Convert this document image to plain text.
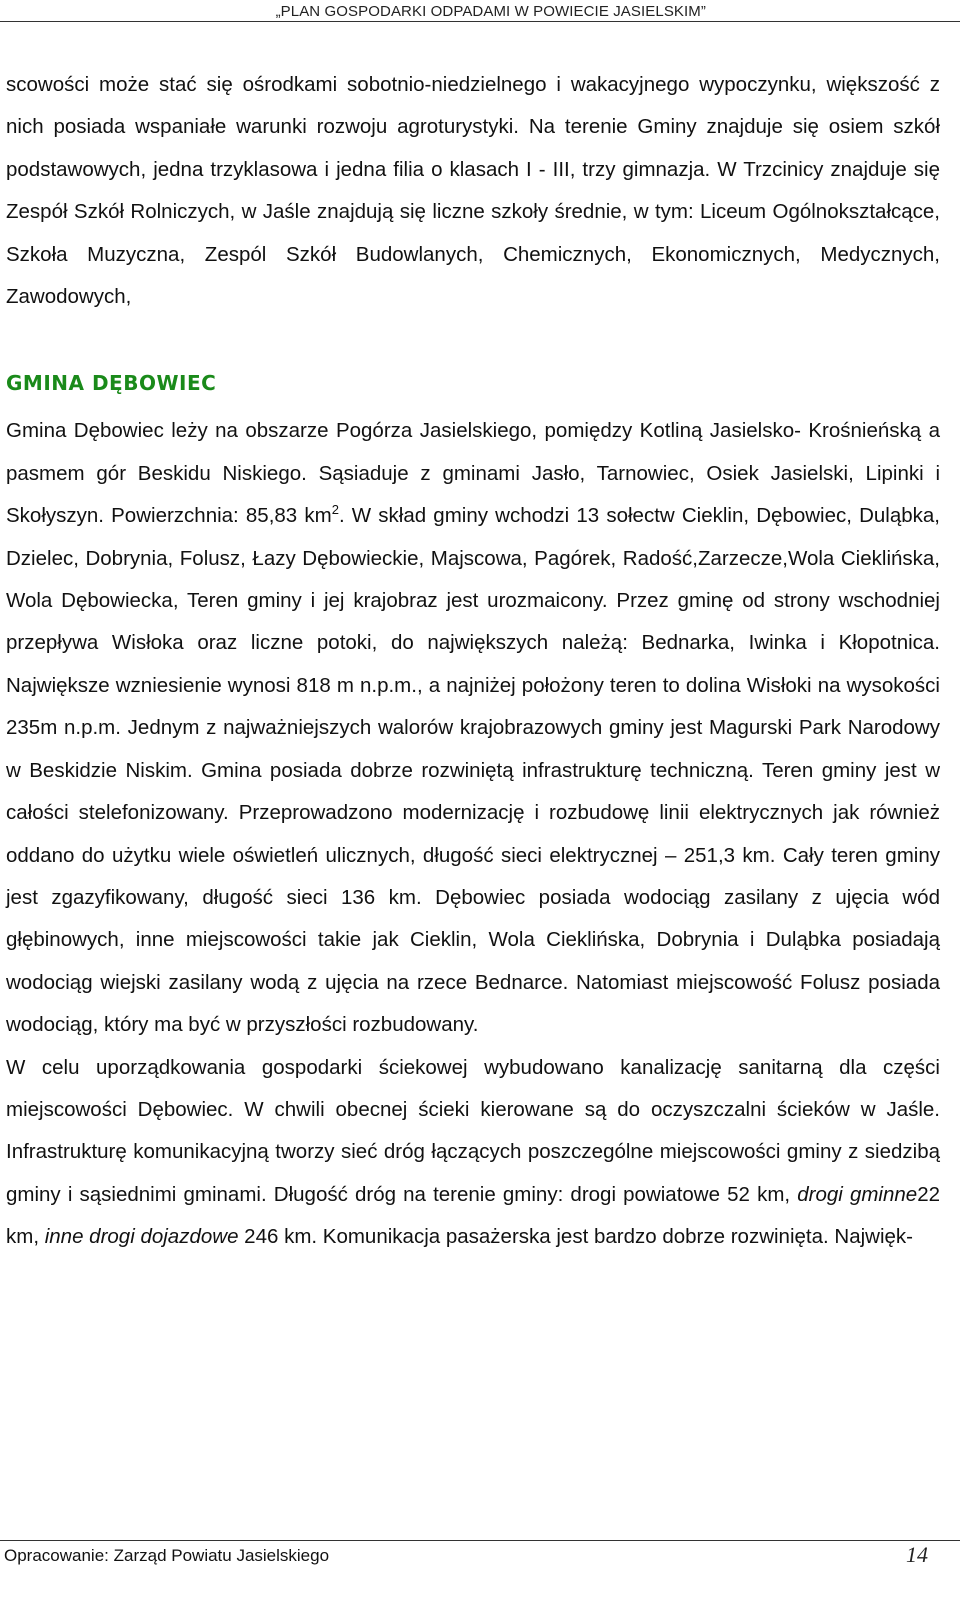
„PLAN GOSPODARKI ODPADAMI W POWIECIE JASIELSKIM”

scowości może stać się ośrodkami sobotnio-niedzielnego i wakacyjnego wypoczynku, większość z nich posiada wspaniałe warunki rozwoju agroturystyki. Na terenie Gminy znajduje się osiem szkół podstawowych, jedna trzyklasowa i jedna filia o klasach I - III, trzy gimnazja. W Trzcinicy znajduje się Zespół Szkół Rolniczych, w Jaśle znajdują się liczne szkoły średnie, w tym: Liceum Ogólnokształcące, Szkoła Muzyczna, Zespól Szkół Budowlanych, Chemicznych, Ekonomicznych, Medycznych, Zawodowych,

GMINA DĘBOWIEC

Gmina Dębowiec leży na obszarze Pogórza Jasielskiego, pomiędzy Kotliną Jasielsko- Krośnieńską a pasmem gór Beskidu Niskiego. Sąsiaduje z gminami Jasło, Tarnowiec, Osiek Jasielski, Lipinki i Skołyszyn. Powierzchnia: 85,83 $km^2$. W skład gminy wchodzi 13 sołectw Cieklin, Dębowiec, Duląbka, Dzielec, Dobrynia, Folusz, Łazy Dębowieckie, Majscowa, Pagórek, Radość,Zarzecze,Wola Cieklińska, Wola Dębowiecka, Teren gminy i jej krajobraz jest urozmaicony. Przez gminę od strony wschodniej przepływa Wisłoka oraz liczne potoki, do największych należą: Bednarka, Iwinka i Kłopotnica. Największe wzniesienie wynosi 818 m n.p.m., a najniżej położony teren to dolina Wisłoki na wysokości 235m n.p.m. Jednym z najważniejszych walorów krajobrazowych gminy jest Magurski Park Narodowy w Beskidzie Niskim. Gmina posiada dobrze rozwiniętą infrastrukturę techniczną. Teren gminy jest w całości stelefonizowany. Przeprowadzono modernizację i rozbudowę linii elektrycznych jak również oddano do użytku wiele oświetleń ulicznych, długość sieci elektrycznej – 251,3 km. Cały teren gminy jest zgazyfikowany, długość sieci 136 km. Dębowiec posiada wodociąg zasilany z ujęcia wód głębinowych, inne miejscowości takie jak Cieklin, Wola Cieklińska, Dobrynia i Duląbka posiadają wodociąg wiejski zasilany wodą z ujęcia na rzece Bednarce. Natomiast miejscowość Folusz posiada wodociąg, który ma być w przyszłości rozbudowany.

W celu uporządkowania gospodarki ściekowej wybudowano kanalizację sanitarną dla części miejscowości Dębowiec. W chwili obecnej ścieki kierowane są do oczyszczalni ścieków w Jaśle. Infrastrukturę komunikacyjną tworzy sieć dróg łączących poszczególne miejscowości gminy z siedzibą gminy i sąsiednimi gminami. Długość dróg na terenie gminy: drogi powiatowe 52 km, drogi gminne22 km, inne drogi dojazdowe 246 km. Komunikacja pasażerska jest bardzo dobrze rozwinięta. Najwięk-

Opracowanie: Zarząd Powiatu Jasielskiego	14
